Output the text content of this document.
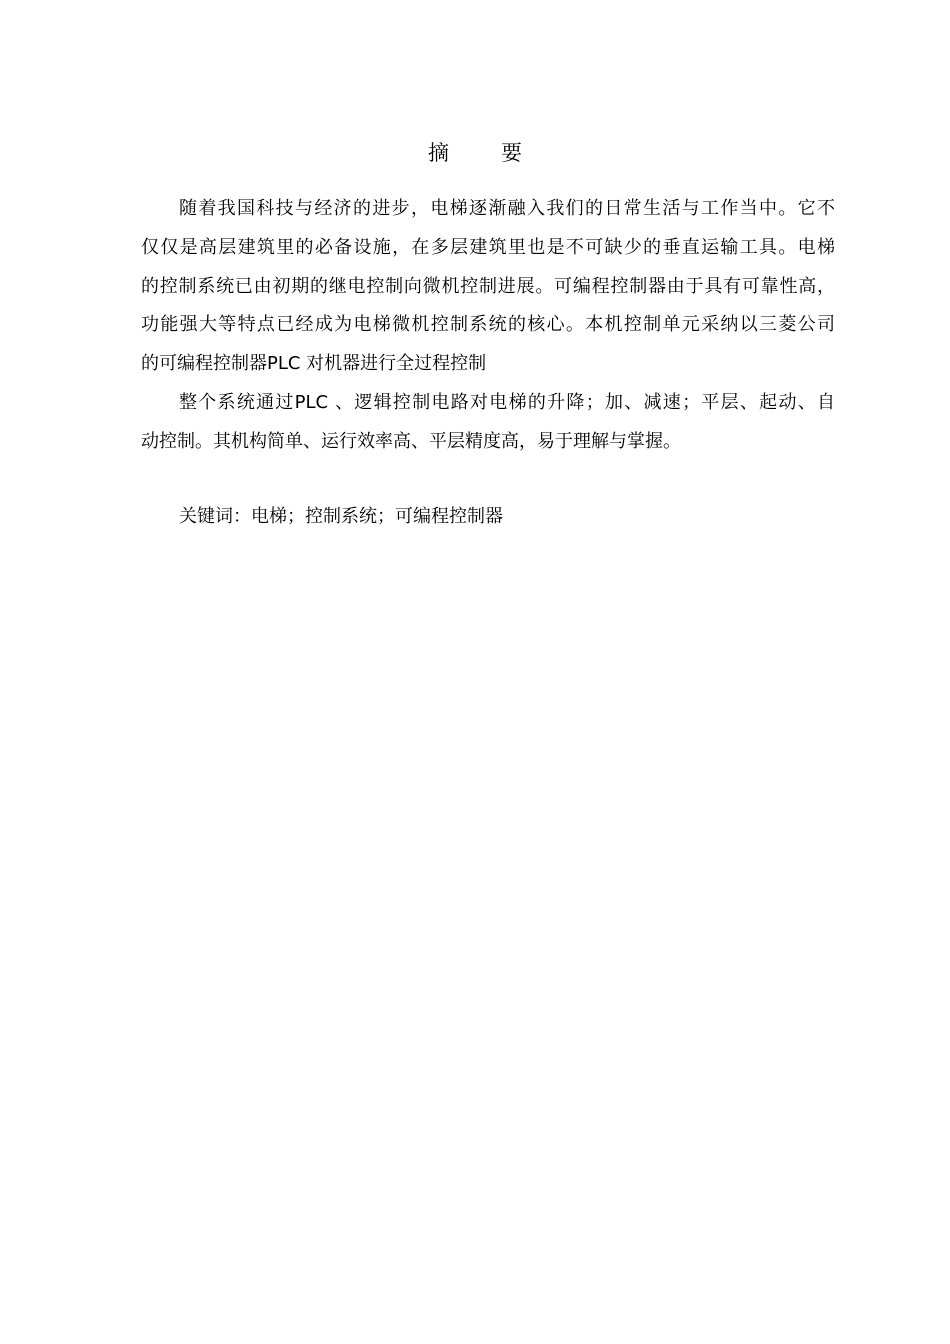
摘 要
随着我国科技与经济的进步，电梯逐渐融入我们的日常生活与工作当中。它不
仅仅是高层建筑里的必备设施，在多层建筑里也是不可缺少的垂直运输工具。电梯
的控制系统已由初期的继电控制向微机控制进展。可编程控制器由于具有可靠性高，
功能强大等特点已经成为电梯微机控制系统的核心。本机控制单元采纳以三菱公司
的可编程控制器PLC 对机器进行全过程控制
整个系统通过PLC 、逻辑控制电路对电梯的升降；加、减速；平层、起动、自
动控制。其机构简单、运行效率高、平层精度高，易于理解与掌握。
关键词：电梯；控制系统；可编程控制器
